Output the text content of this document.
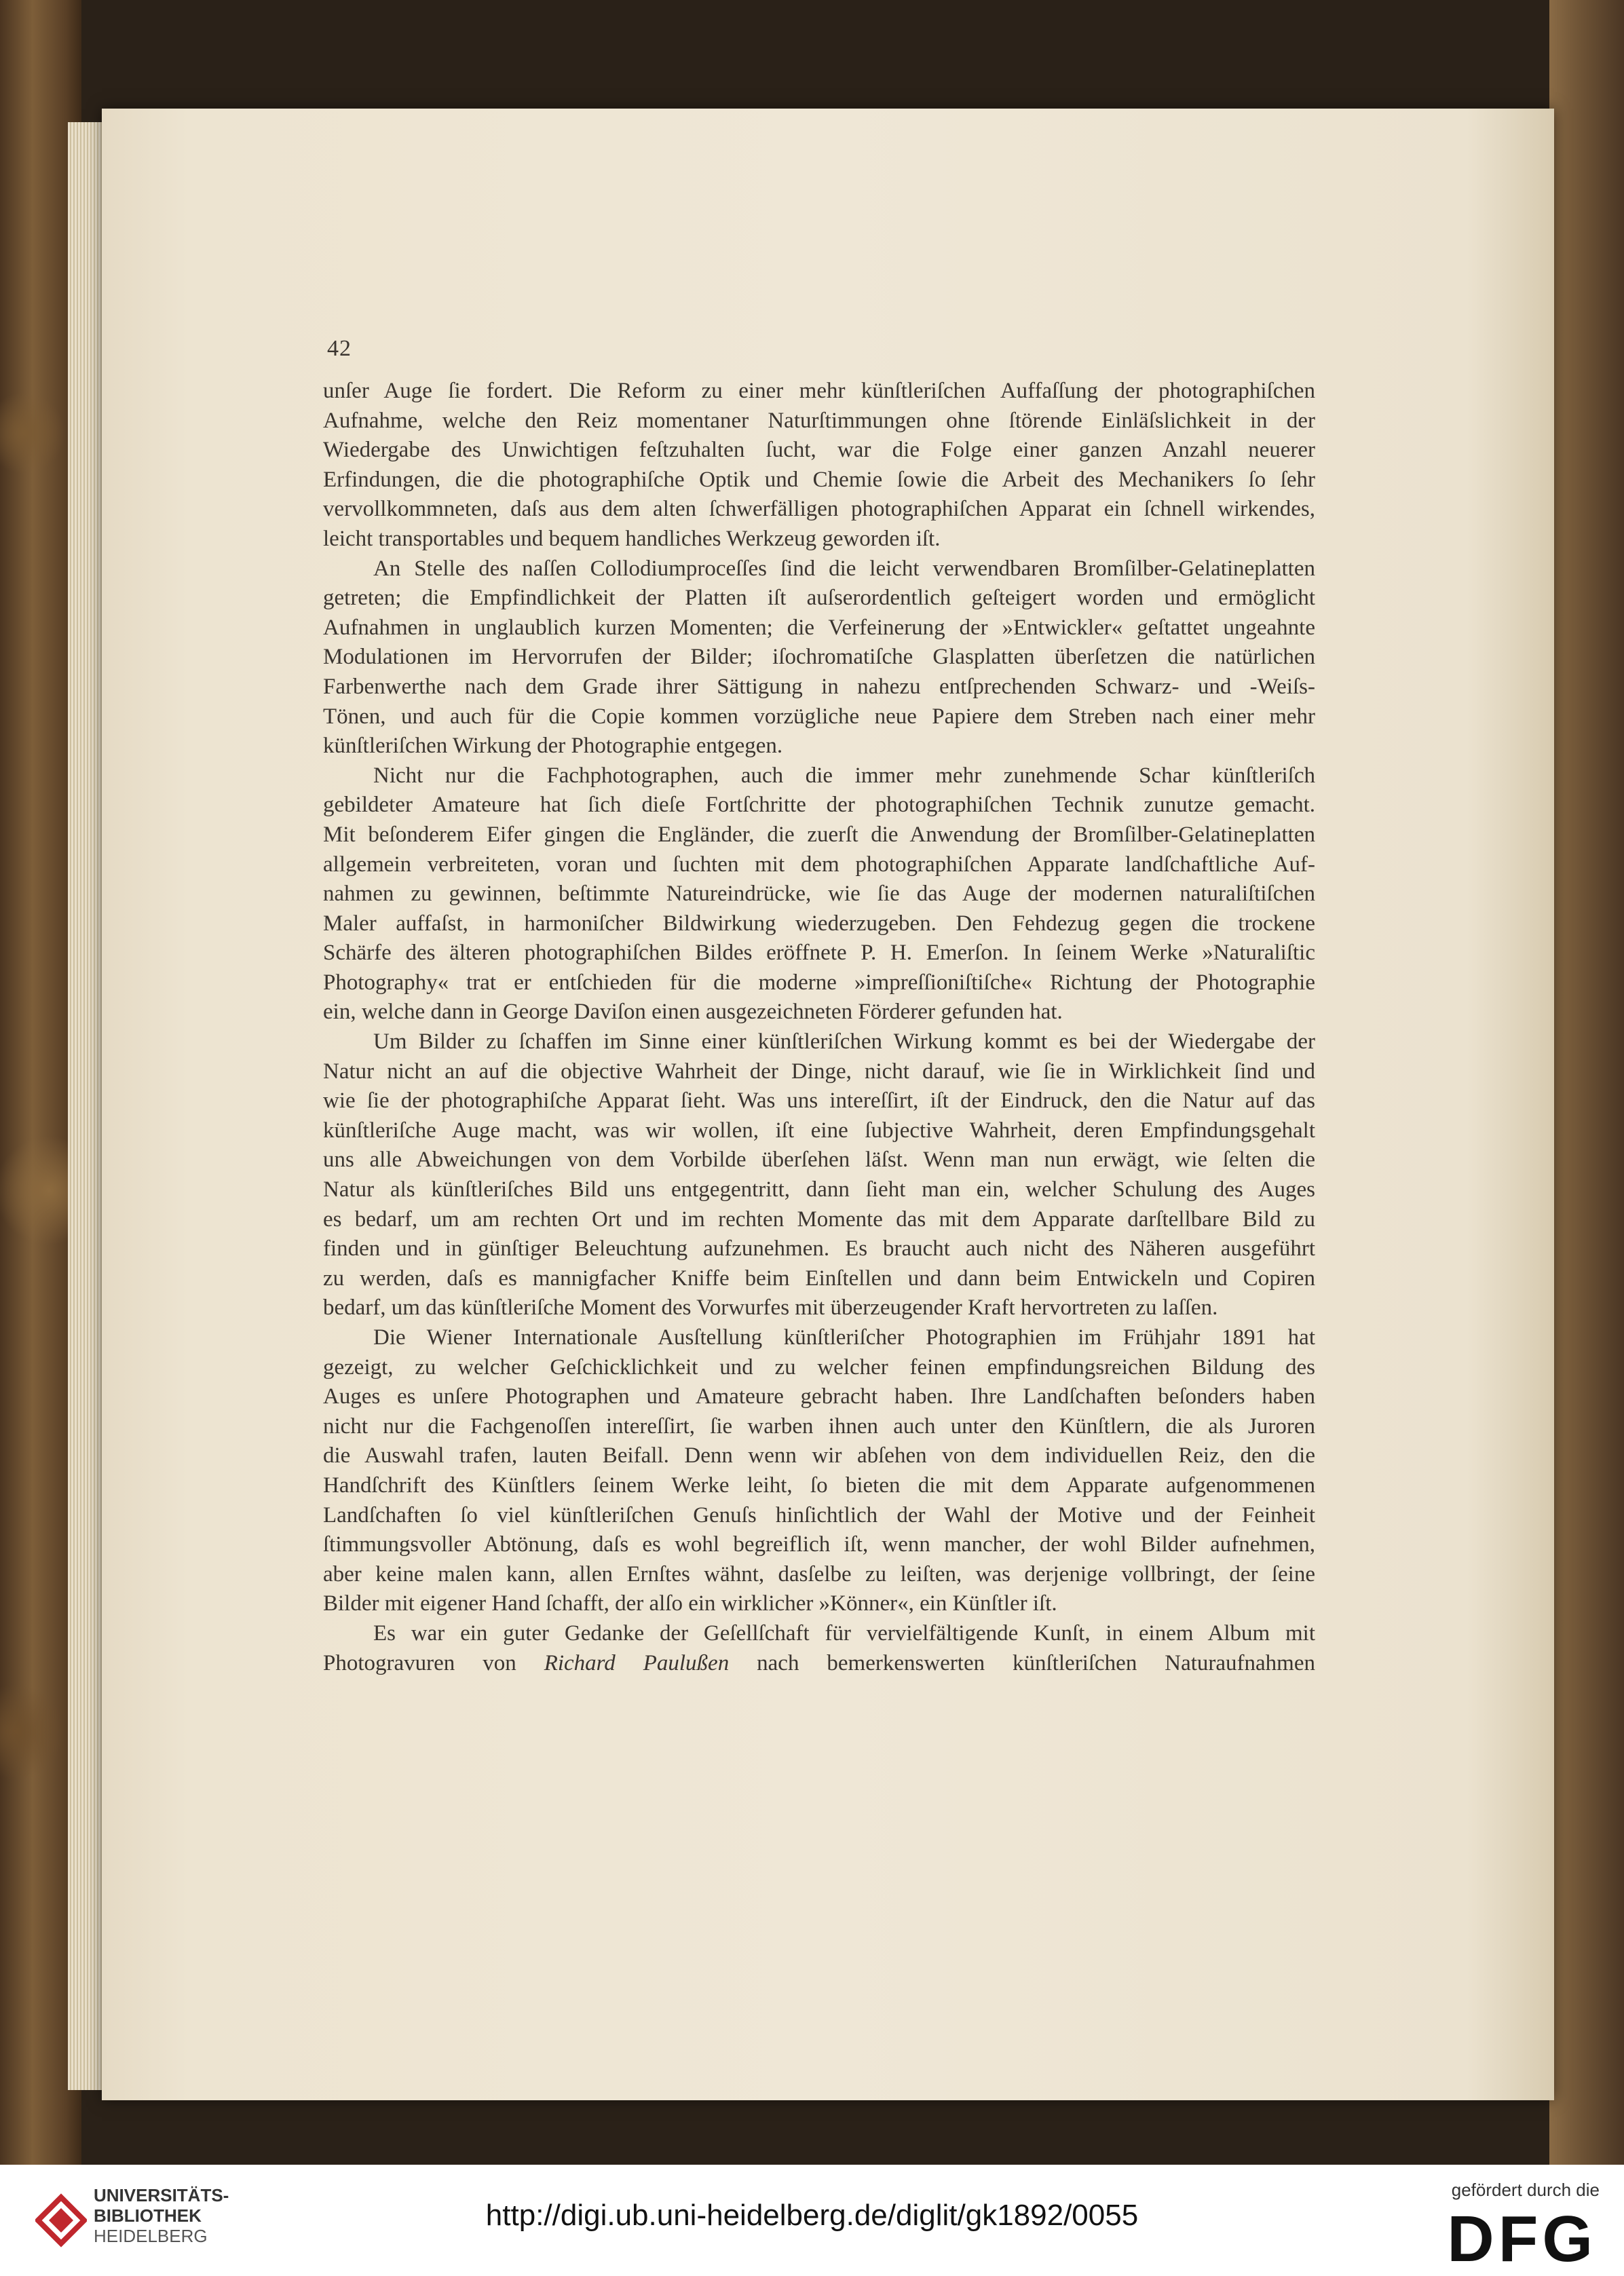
42
unſer Auge ſie fordert. Die Reform zu einer mehr künſtleriſchen Auffaſſung der photographiſchen
Aufnahme, welche den Reiz momentaner Naturſtimmungen ohne ſtörende Einläſslichkeit in der
Wiedergabe des Unwichtigen feſtzuhalten ſucht, war die Folge einer ganzen Anzahl neuerer
Erfindungen, die die photographiſche Optik und Chemie ſowie die Arbeit des Mechanikers ſo ſehr
vervollkommneten, daſs aus dem alten ſchwerfälligen photographiſchen Apparat ein ſchnell wirkendes,
leicht transportables und bequem handliches Werkzeug geworden iſt.
An Stelle des naſſen Collodiumproceſſes ſind die leicht verwendbaren Bromſilber-Gelatineplatten
getreten; die Empfindlichkeit der Platten iſt auſserordentlich geſteigert worden und ermöglicht
Aufnahmen in unglaublich kurzen Momenten; die Verfeinerung der »Entwickler« geſtattet ungeahnte
Modulationen im Hervorrufen der Bilder; iſochromatiſche Glasplatten überſetzen die natürlichen
Farbenwerthe nach dem Grade ihrer Sättigung in nahezu entſprechenden Schwarz- und -Weiſs-
Tönen, und auch für die Copie kommen vorzügliche neue Papiere dem Streben nach einer mehr
künſtleriſchen Wirkung der Photographie entgegen.
Nicht nur die Fachphotographen, auch die immer mehr zunehmende Schar künſtleriſch
gebildeter Amateure hat ſich dieſe Fortſchritte der photographiſchen Technik zunutze gemacht.
Mit beſonderem Eifer gingen die Engländer, die zuerſt die Anwendung der Bromſilber-Gelatineplatten
allgemein verbreiteten, voran und ſuchten mit dem photographiſchen Apparate landſchaftliche Auf-
nahmen zu gewinnen, beſtimmte Natureindrücke, wie ſie das Auge der modernen naturaliſtiſchen
Maler auffaſst, in harmoniſcher Bildwirkung wiederzugeben. Den Fehdezug gegen die trockene
Schärfe des älteren photographiſchen Bildes eröffnete P. H. Emerſon. In ſeinem Werke »Naturaliſtic
Photography« trat er entſchieden für die moderne »impreſſioniſtiſche« Richtung der Photographie
ein, welche dann in George Daviſon einen ausgezeichneten Förderer gefunden hat.
Um Bilder zu ſchaffen im Sinne einer künſtleriſchen Wirkung kommt es bei der Wiedergabe der
Natur nicht an auf die objective Wahrheit der Dinge, nicht darauf, wie ſie in Wirklichkeit ſind und
wie ſie der photographiſche Apparat ſieht. Was uns intereſſirt, iſt der Eindruck, den die Natur auf das
künſtleriſche Auge macht, was wir wollen, iſt eine ſubjective Wahrheit, deren Empfindungsgehalt
uns alle Abweichungen von dem Vorbilde überſehen läſst. Wenn man nun erwägt, wie ſelten die
Natur als künſtleriſches Bild uns entgegentritt, dann ſieht man ein, welcher Schulung des Auges
es bedarf, um am rechten Ort und im rechten Momente das mit dem Apparate darſtellbare Bild zu
finden und in günſtiger Beleuchtung aufzunehmen. Es braucht auch nicht des Näheren ausgeführt
zu werden, daſs es mannigfacher Kniffe beim Einſtellen und dann beim Entwickeln und Copiren
bedarf, um das künſtleriſche Moment des Vorwurfes mit überzeugender Kraft hervortreten zu laſſen.
Die Wiener Internationale Ausſtellung künſtleriſcher Photographien im Frühjahr 1891 hat
gezeigt, zu welcher Geſchicklichkeit und zu welcher feinen empfindungsreichen Bildung des
Auges es unſere Photographen und Amateure gebracht haben. Ihre Landſchaften beſonders haben
nicht nur die Fachgenoſſen intereſſirt, ſie warben ihnen auch unter den Künſtlern, die als Juroren
die Auswahl trafen, lauten Beifall. Denn wenn wir abſehen von dem individuellen Reiz, den die
Handſchrift des Künſtlers ſeinem Werke leiht, ſo bieten die mit dem Apparate aufgenommenen
Landſchaften ſo viel künſtleriſchen Genuſs hinſichtlich der Wahl der Motive und der Feinheit
ſtimmungsvoller Abtönung, daſs es wohl begreiflich iſt, wenn mancher, der wohl Bilder aufnehmen,
aber keine malen kann, allen Ernſtes wähnt, dasſelbe zu leiſten, was derjenige vollbringt, der ſeine
Bilder mit eigener Hand ſchafft, der alſo ein wirklicher »Könner«, ein Künſtler iſt.
Es war ein guter Gedanke der Geſellſchaft für vervielfältigende Kunſt, in einem Album mit
Photogravuren von Richard Paulußen nach bemerkenswerten künſtleriſchen Naturaufnahmen
UNIVERSITÄTS-
BIBLIOTHEK
HEIDELBERG
http://digi.ub.uni-heidelberg.de/diglit/gk1892/0055
gefördert durch die
DFG
